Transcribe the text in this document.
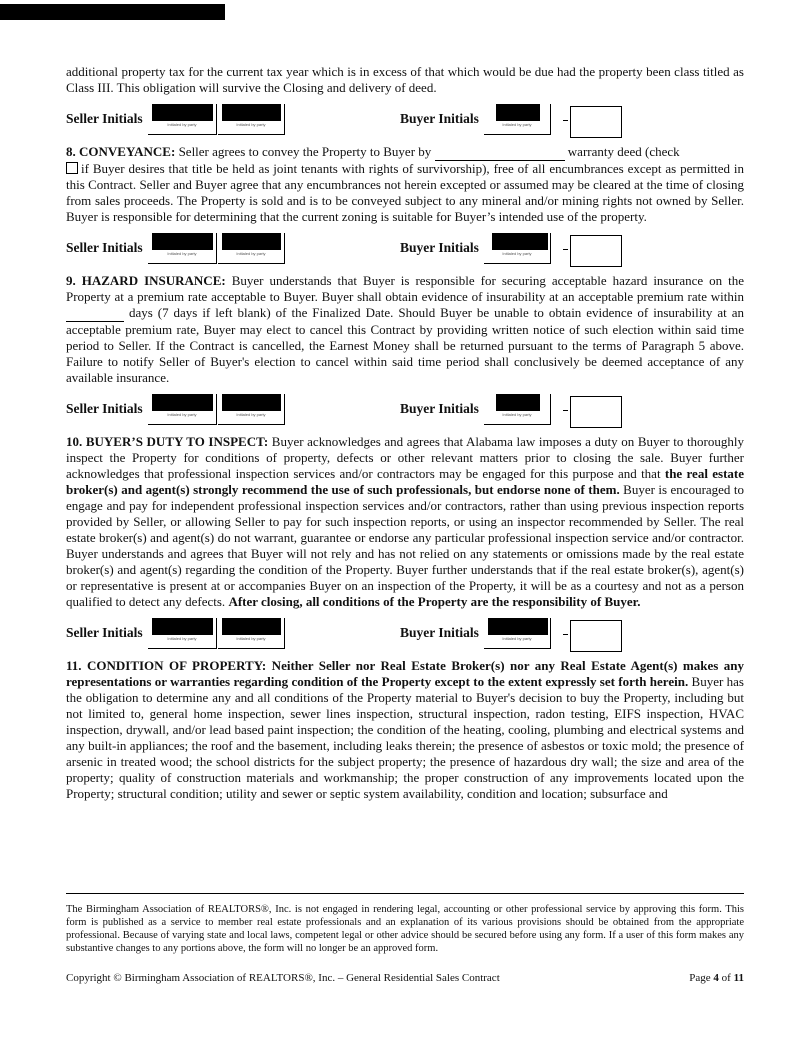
additional property tax for the current tax year which is in excess of that which would be due had the property been class titled as Class III. This obligation will survive the Closing and delivery of deed.

Seller Initials	Initialed by party	Initialed by party	Buyer Initials	Initialed by party

8. CONVEYANCE: Seller agrees to convey the Property to Buyer by	warranty deed (check
if Buyer desires that title be held as joint tenants with rights of survivorship), free of all encumbrances except as permitted in this Contract. Seller and Buyer agree that any encumbrances not herein excepted or assumed may be cleared at the time of closing from sales proceeds. The Property is sold and is to be conveyed subject to any mineral and/or mining rights not owned by Seller. Buyer is responsible for determining that the current zoning is suitable for Buyer’s intended use of the property.

Seller Initials	Initialed by party	Initialed by party	Buyer Initials	Initialed by party

9. HAZARD INSURANCE: Buyer understands that Buyer is responsible for securing acceptable hazard insurance on the Property at a premium rate acceptable to Buyer. Buyer shall obtain evidence of insurability at an acceptable premium rate within  days (7 days if left blank) of the Finalized Date. Should Buyer be unable to obtain evidence of insurability at an acceptable premium rate, Buyer may elect to cancel this Contract by providing written notice of such election within said time period to Seller. If the Contract is cancelled, the Earnest Money shall be returned pursuant to the terms of Paragraph 5 above. Failure to notify Seller of Buyer's election to cancel within said time period shall conclusively be deemed acceptance of any available insurance.

Seller Initials	Initialed by party	Initialed by party	Buyer Initials	Initialed by party

10. BUYER’S DUTY TO INSPECT: Buyer acknowledges and agrees that Alabama law imposes a duty on Buyer to thoroughly inspect the Property for conditions of property, defects or other relevant matters prior to closing the sale. Buyer further acknowledges that professional inspection services and/or contractors may be engaged for this purpose and that the real estate broker(s) and agent(s) strongly recommend the use of such professionals, but endorse none of them. Buyer is encouraged to engage and pay for independent professional inspection services and/or contractors, rather than using previous inspection reports provided by Seller, or allowing Seller to pay for such inspection reports, or using an inspector recommended by Seller. The real estate broker(s) and agent(s) do not warrant, guarantee or endorse any particular professional inspection service and/or contractor. Buyer understands and agrees that Buyer will not rely and has not relied on any statements or omissions made by the real estate broker(s) and agent(s) regarding the condition of the Property. Buyer further understands that if the real estate broker(s), agent(s) or representative is present at or accompanies Buyer on an inspection of the Property, it will be as a courtesy and not as a person qualified to detect any defects. After closing, all conditions of the Property are the responsibility of Buyer.

Seller Initials	Initialed by party	Initialed by party	Buyer Initials	Initialed by party

11. CONDITION OF PROPERTY: Neither Seller nor Real Estate Broker(s) nor any Real Estate Agent(s) makes any representations or warranties regarding condition of the Property except to the extent expressly set forth herein. Buyer has the obligation to determine any and all conditions of the Property material to Buyer's decision to buy the Property, including but not limited to, general home inspection, sewer lines inspection, structural inspection, radon testing, EIFS inspection, HVAC inspection, drywall, and/or lead based paint inspection; the condition of the heating, cooling, plumbing and electrical systems and any built-in appliances; the roof and the basement, including leaks therein; the presence of asbestos or toxic mold; the presence of arsenic in treated wood; the school districts for the subject property; the presence of hazardous dry wall; the size and area of the property; quality of construction materials and workmanship; the proper construction of any improvements located upon the Property; structural condition; utility and sewer or septic system availability, condition and location; subsurface and

The Birmingham Association of REALTORS®, Inc. is not engaged in rendering legal, accounting or other professional service by approving this form. This form is published as a service to member real estate professionals and an explanation of its various provisions should be obtained from the appropriate professional. Because of varying state and local laws, competent legal or other advice should be secured before using any form. If a user of this form makes any substantive changes to any portions above, the form will no longer be an approved form.

Copyright © Birmingham Association of REALTORS®, Inc. – General Residential Sales Contract	Page 4 of 11
